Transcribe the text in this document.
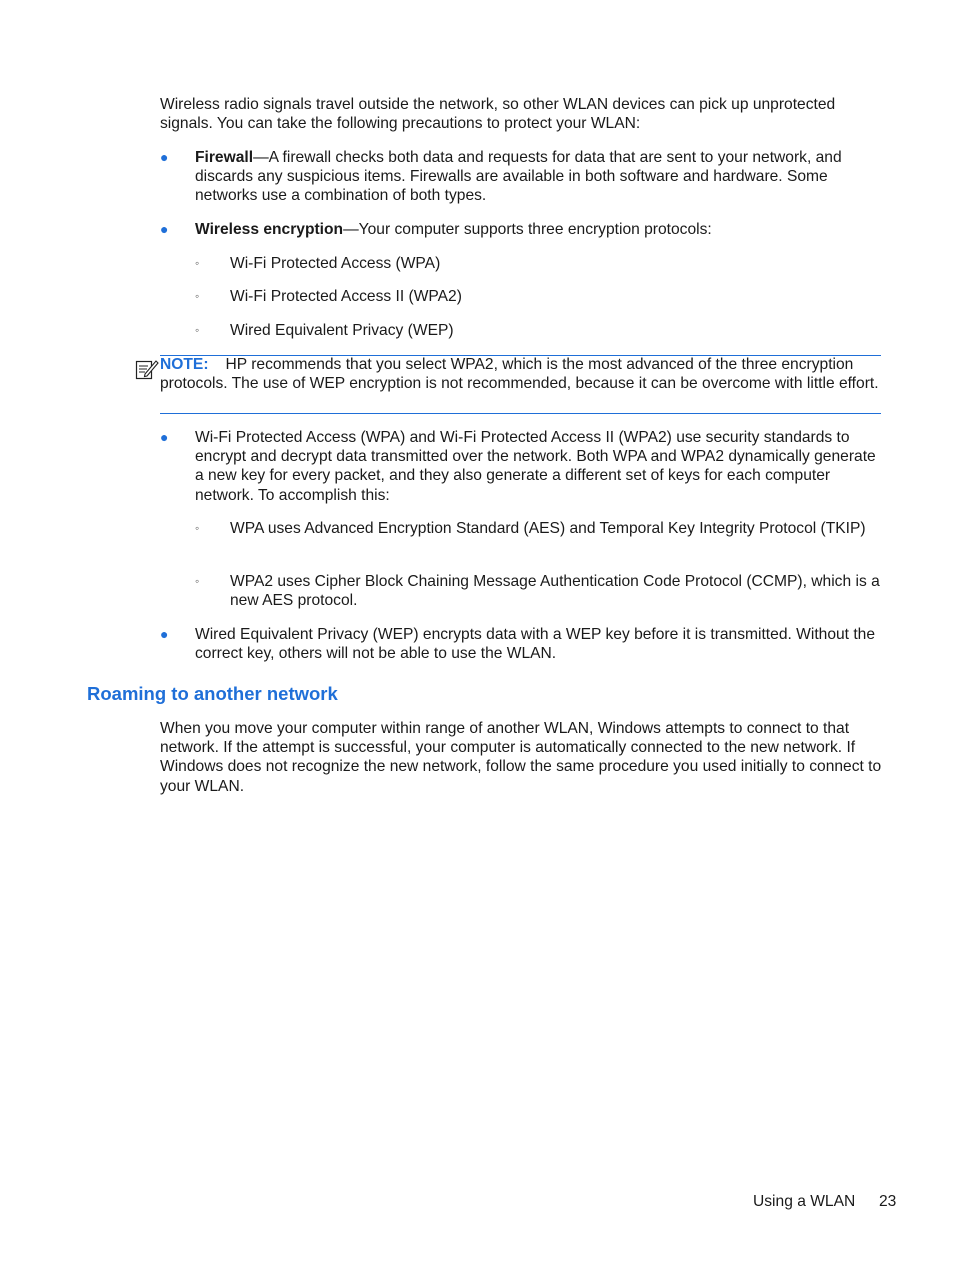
Wireless radio signals travel outside the network, so other WLAN devices can pick up unprotected signals. You can take the following precautions to protect your WLAN:
● Firewall—A firewall checks both data and requests for data that are sent to your network, and discards any suspicious items. Firewalls are available in both software and hardware. Some networks use a combination of both types.
● Wireless encryption—Your computer supports three encryption protocols:
◦ Wi-Fi Protected Access (WPA)
◦ Wi-Fi Protected Access II (WPA2)
◦ Wired Equivalent Privacy (WEP)
NOTE: HP recommends that you select WPA2, which is the most advanced of the three encryption protocols. The use of WEP encryption is not recommended, because it can be overcome with little effort.
● Wi-Fi Protected Access (WPA) and Wi-Fi Protected Access II (WPA2) use security standards to encrypt and decrypt data transmitted over the network. Both WPA and WPA2 dynamically generate a new key for every packet, and they also generate a different set of keys for each computer network. To accomplish this:
◦ WPA uses Advanced Encryption Standard (AES) and Temporal Key Integrity Protocol (TKIP)
◦ WPA2 uses Cipher Block Chaining Message Authentication Code Protocol (CCMP), which is a new AES protocol.
● Wired Equivalent Privacy (WEP) encrypts data with a WEP key before it is transmitted. Without the correct key, others will not be able to use the WLAN.
Roaming to another network
When you move your computer within range of another WLAN, Windows attempts to connect to that network. If the attempt is successful, your computer is automatically connected to the new network. If Windows does not recognize the new network, follow the same procedure you used initially to connect to your WLAN.
Using a WLAN 23
